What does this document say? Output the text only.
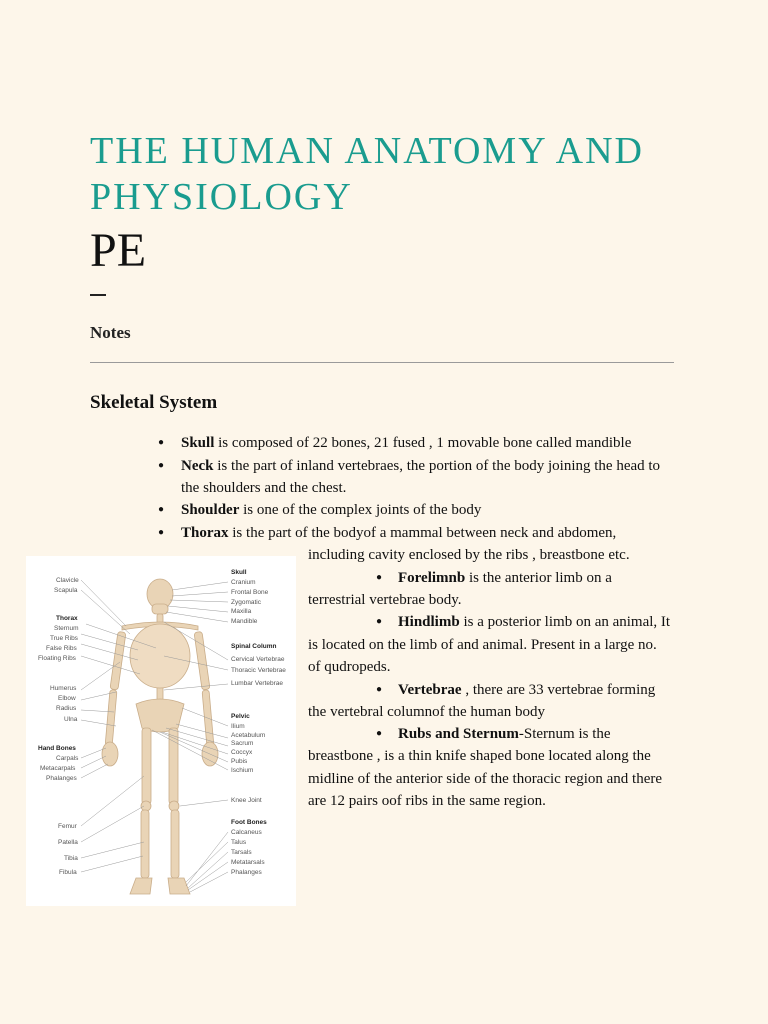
THE HUMAN ANATOMY AND PHYSIOLOGY
PE
Notes
Skeletal System
● Skull is composed of 22 bones, 21 fused , 1 movable bone called mandible
● Neck is the part of inland vertebraes, the portion of the body joining the head to
the shoulders and the chest.
● Shoulder is one of the complex joints of the body
● Thorax is the part of the bodyof a mammal between neck and abdomen,
including cavity enclosed by the ribs , breastbone etc.
● Forelimnb is the anterior limb on a
terrestrial vertebrae body.
● Hindlimb is a posterior limb on an animal, It
is located on the limb of and animal. Present in a large no.
of qudropeds.
● Vertebrae , there are 33 vertebrae forming
the vertebral columnof the human body
● Rubs and Sternum-Sternum is the
breastbone , is a thin knife shaped bone located along the
midline of the anterior side of the thoracic region and there
are 12 pairs oof ribs in the same region.
Clavicle
Scapula
Thorax
Sternum
True Ribs
False Ribs
Floating Ribs
Humerus
Elbow
Radius
Ulna
Hand Bones
Carpals
Metacarpals
Phalanges
Femur
Patella
Tibia
Fibula
Skull
Cranium
Frontal Bone
Zygomatic
Maxilla
Mandible
Spinal Column
Cervical Vertebrae
Thoracic Vertebrae
Lumbar Vertebrae
Pelvic
Ilium
Acetabulum
Sacrum
Coccyx
Pubis
Ischium
Knee Joint
Foot Bones
Calcaneus
Talus
Tarsals
Metatarsals
Phalanges
